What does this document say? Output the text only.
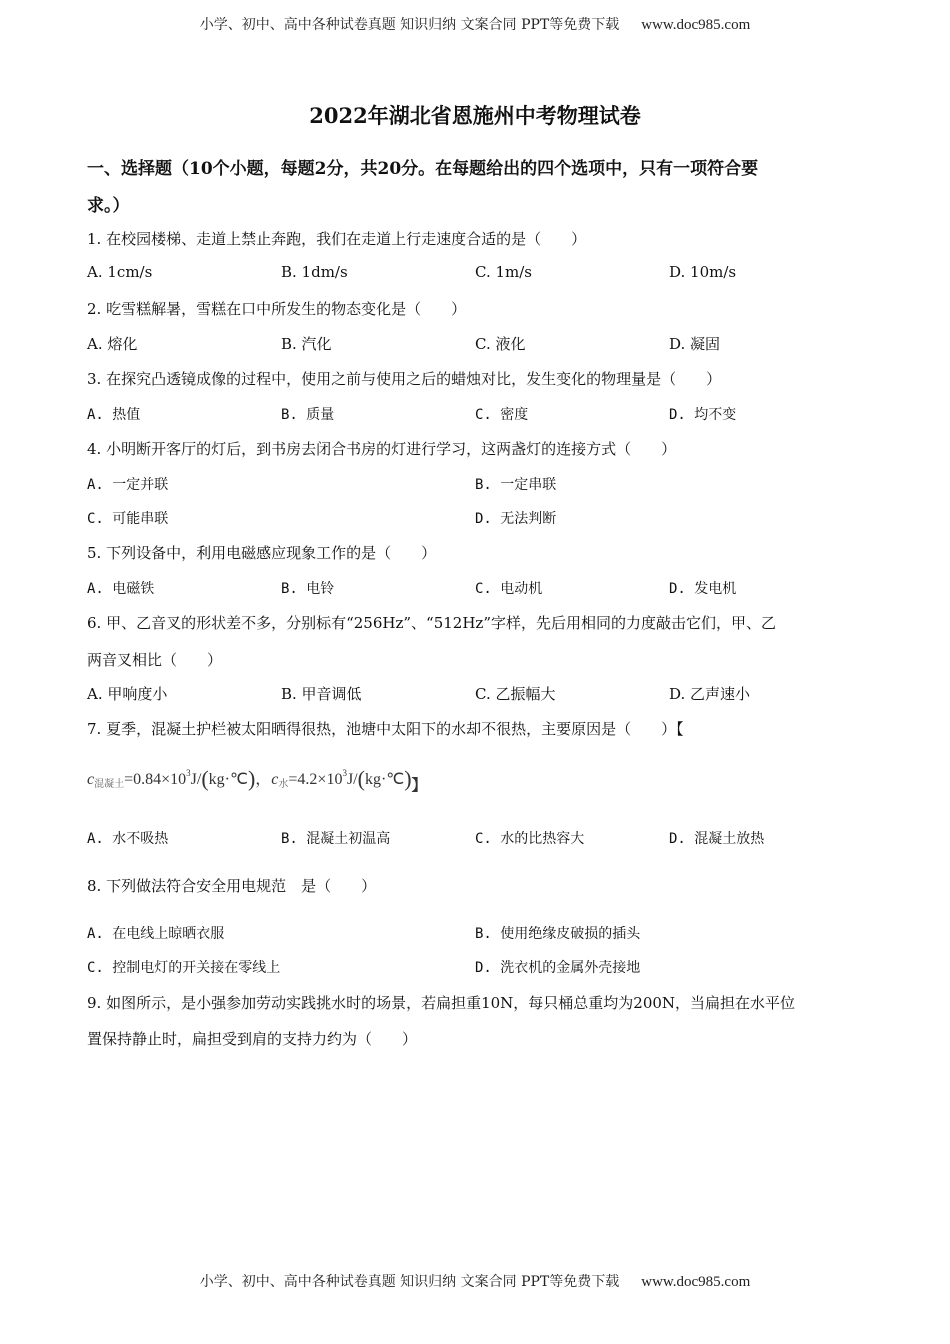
小学、初中、高中各种试卷真题 知识归纳 文案合同 PPT等免费下载 www.doc985.com
2022年湖北省恩施州中考物理试卷
一、选择题（10个小题，每题2分，共20分。在每题给出的四个选项中，只有一项符合要
求。）
1. 在校园楼梯、走道上禁止奔跑，我们在走道上行走速度合适的是（　　）
A. 1cm/s	B. 1dm/s	C. 1m/s	D. 10m/s
2. 吃雪糕解暑，雪糕在口中所发生的物态变化是（　　）
A. 熔化	B. 汽化	C. 液化	D. 凝固
3. 在探究凸透镜成像的过程中，使用之前与使用之后的蜡烛对比，发生变化的物理量是（　　）
A. 热值	B. 质量	C. 密度	D. 均不变
4. 小明断开客厅的灯后，到书房去闭合书房的灯进行学习，这两盏灯的连接方式（　　）
A. 一定并联	B. 一定串联
C. 可能串联	D. 无法判断
5. 下列设备中，利用电磁感应现象工作的是（　　）
A. 电磁铁	B. 电铃	C. 电动机	D. 发电机
6. 甲、乙音叉的形状差不多，分别标有“256Hz”、“512Hz”字样，先后用相同的力度敲击它们，甲、乙
两音叉相比（　　）
A. 甲响度小	B. 甲音调低	C. 乙振幅大	D. 乙声速小
7. 夏季，混凝土护栏被太阳晒得很热，池塘中太阳下的水却不很热，主要原因是（　　）【
$c_{混凝土}=0.84\times 10^3J/(kg\cdot℃)$，$c_水=4.2\times 10^3J/(kg\cdot℃)$】
A. 水不吸热	B. 混凝土初温高	C. 水的比热容大	D. 混凝土放热
8. 下列做法符合安全用电规范　是（　　）
A. 在电线上晾晒衣服	B. 使用绝缘皮破损的插头
C. 控制电灯的开关接在零线上	D. 洗衣机的金属外壳接地
9. 如图所示，是小强参加劳动实践挑水时的场景，若扁担重10N，每只桶总重均为200N，当扁担在水平位
置保持静止时，扁担受到肩的支持力约为（　　）
小学、初中、高中各种试卷真题 知识归纳 文案合同 PPT等免费下载 www.doc985.com
